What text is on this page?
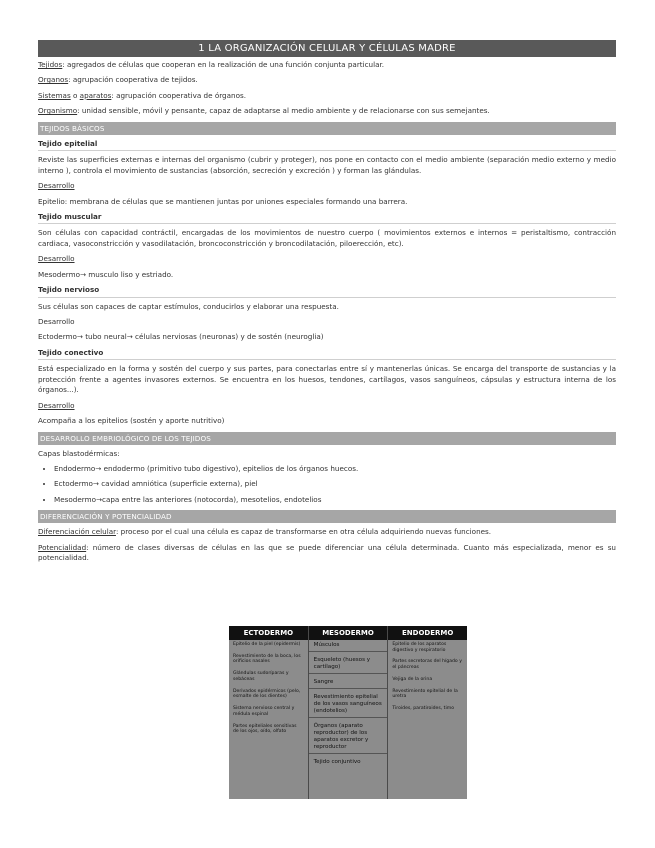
1 LA ORGANIZACIÓN CELULAR Y CÉLULAS MADRE
Tejidos: agregados de células que cooperan en la realización de una función conjunta particular.
Organos: agrupación cooperativa de tejidos.
Sistemas o aparatos: agrupación cooperativa de órganos.
Organismo: unidad sensible, móvil y pensante, capaz de adaptarse al medio ambiente y de relacionarse con sus semejantes.
TEJIDOS BÁSICOS
Tejido epitelial
Reviste las superficies externas e internas del organismo (cubrir y proteger), nos pone en contacto con el medio ambiente (separación medio externo y medio interno ), controla el movimiento de sustancias (absorción, secreción y excreción ) y forman las glándulas.
Desarrollo
Epitelio: membrana de células que se mantienen juntas por uniones especiales formando una barrera.
Tejido muscular
Son células con capacidad contráctil, encargadas de los movimientos de nuestro cuerpo ( movimientos externos e internos = peristaltismo, contracción cardiaca, vasoconstricción y vasodilatación, broncoconstricción y broncodilatación, piloerección, etc).
Desarrollo
Mesodermo→ musculo liso y estriado.
Tejido nervioso
Sus células son capaces de captar estímulos, conducirlos y elaborar una respuesta.
Desarrollo
Ectodermo→ tubo neural→ células nerviosas (neuronas) y de sostén (neuroglia)
Tejido conectivo
Está especializado en la forma y sostén del cuerpo y sus partes, para conectarlas entre sí y mantenerlas únicas. Se encarga del transporte de sustancias y la protección frente a agentes invasores externos. Se encuentra en los huesos, tendones, cartílagos, vasos sanguíneos, cápsulas y estructura interna de los órganos...).
Desarrollo
Acompaña a los epitelios (sostén y aporte nutritivo)
DESARROLLO EMBRIOLÓGICO DE LOS TEJIDOS
Capas blastodérmicas:
• Endodermo→ endodermo (primitivo tubo digestivo), epitelios de los órganos huecos.
• Ectodermo→ cavidad amniótica (superficie externa), piel
• Mesodermo→capa entre las anteriores (notocorda), mesotelios, endotelios
DIFERENCIACIÓN Y POTENCIALIDAD
Diferenciación celular: proceso por el cual una célula es capaz de transformarse en otra célula adquiriendo nuevas funciones.
Potencialidad: número de clases diversas de células en las que se puede diferenciar una célula determinada. Cuanto más especializada, menor es su potencialidad.
ECTODERMO
Epitelio de la piel (epidermis)
Revestimiento de la boca, los orificios nasales
Glándulas sudoríparas y sebáceas
Derivados epidérmicos (pelo, esmalte de los dientes)
Sistema nervioso central y médula espinal
Partes epiteliales sensitivas de los ojos, oído, olfato
MESODERMO
Músculos
Esqueleto (huesos y cartílago)
Sangre
Revestimiento epitelial de los vasos sanguíneos (endotelios)
Órganos (aparato reproductor) de los aparatos excretor y reproductor
Tejido conjuntivo
ENDODERMO
Epitelio de los aparatos digestivo y respiratorio
Partes secretoras del hígado y el páncreas
Vejiga de la orina
Revestimiento epitelial de la uretra
Tiroides, paratiroides, timo
